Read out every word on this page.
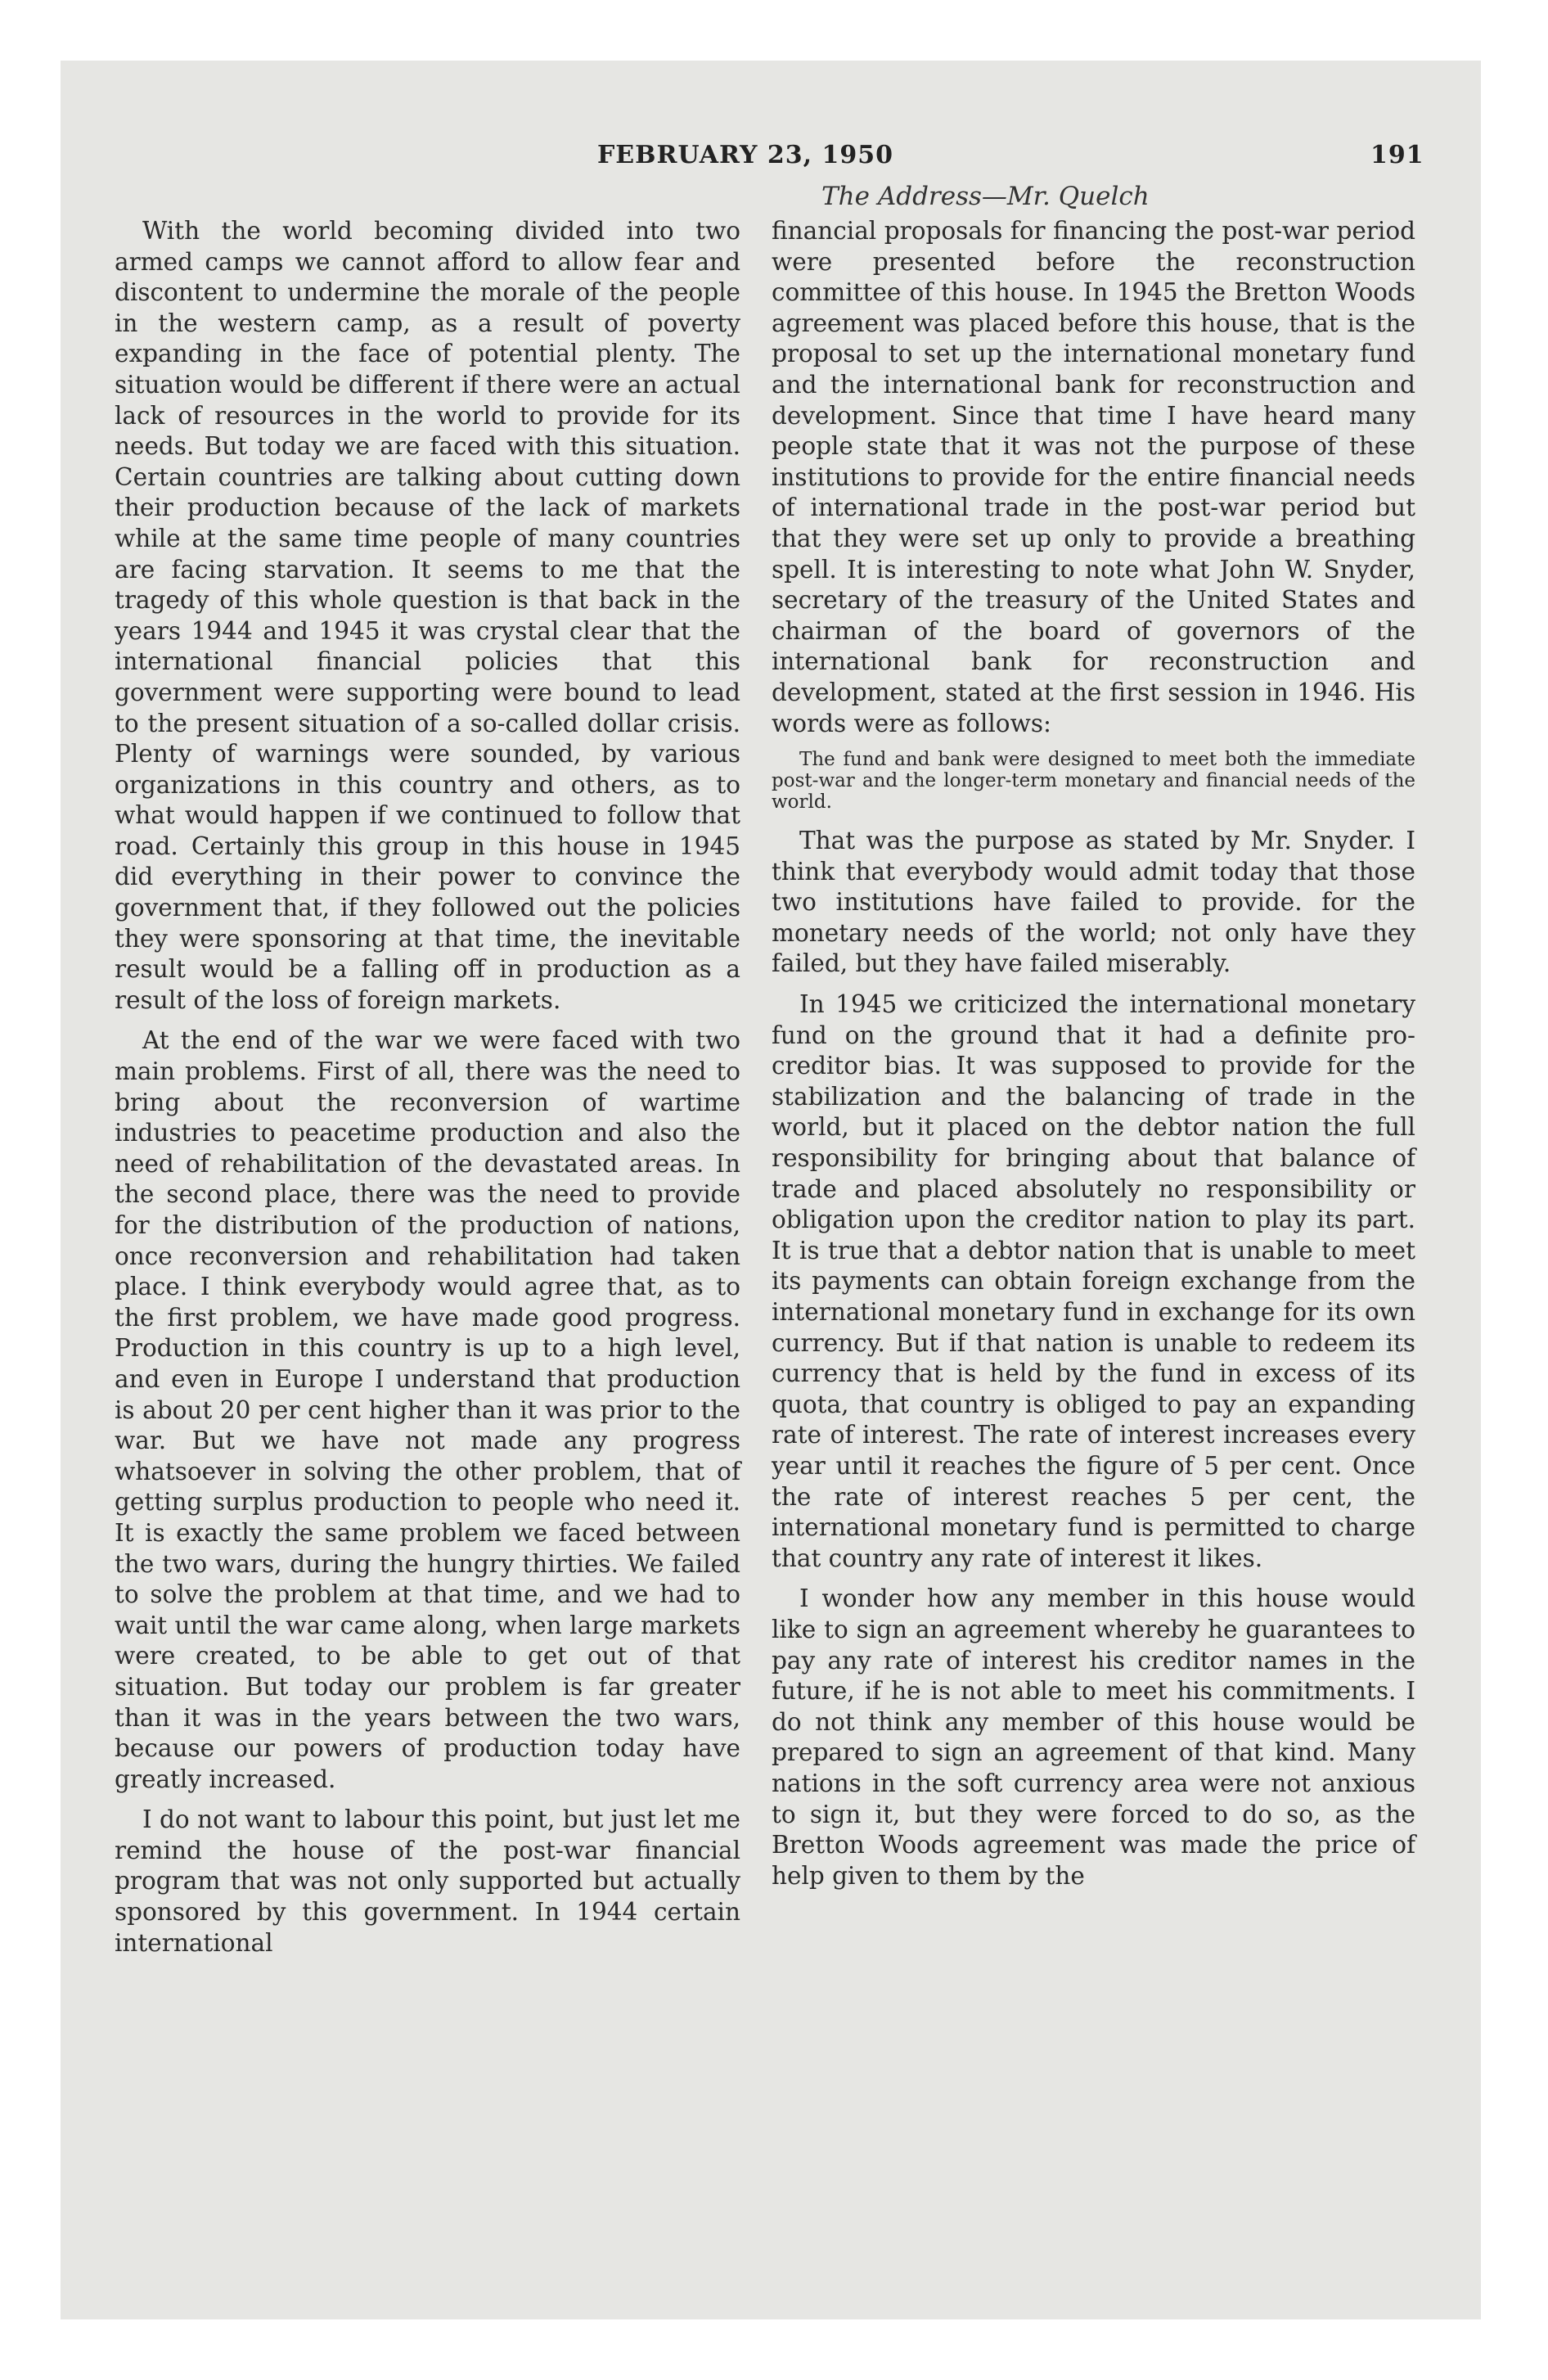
FEBRUARY 23, 1950	191
The Address—Mr. Quelch

With the world becoming divided into two armed camps we cannot afford to allow fear and discontent to undermine the morale of the people in the western camp, as a result of poverty expanding in the face of potential plenty. The situation would be different if there were an actual lack of resources in the world to provide for its needs. But today we are faced with this situation. Certain countries are talking about cutting down their production because of the lack of markets while at the same time people of many countries are facing starvation. It seems to me that the tragedy of this whole question is that back in the years 1944 and 1945 it was crystal clear that the international financial policies that this government were supporting were bound to lead to the present situation of a so-called dollar crisis. Plenty of warnings were sounded, by various organizations in this country and others, as to what would happen if we continued to follow that road. Certainly this group in this house in 1945 did everything in their power to convince the government that, if they followed out the policies they were sponsoring at that time, the inevitable result would be a falling off in production as a result of the loss of foreign markets.

At the end of the war we were faced with two main problems. First of all, there was the need to bring about the reconversion of wartime industries to peacetime production and also the need of rehabilitation of the devastated areas. In the second place, there was the need to provide for the distribution of the production of nations, once reconversion and rehabilitation had taken place. I think everybody would agree that, as to the first problem, we have made good progress. Production in this country is up to a high level, and even in Europe I understand that production is about 20 per cent higher than it was prior to the war. But we have not made any progress whatsoever in solving the other problem, that of getting surplus production to people who need it. It is exactly the same problem we faced between the two wars, during the hungry thirties. We failed to solve the problem at that time, and we had to wait until the war came along, when large markets were created, to be able to get out of that situation. But today our problem is far greater than it was in the years between the two wars, because our powers of production today have greatly increased.

I do not want to labour this point, but just let me remind the house of the post-war financial program that was not only supported but actually sponsored by this government. In 1944 certain international

financial proposals for financing the post-war period were presented before the reconstruction committee of this house. In 1945 the Bretton Woods agreement was placed before this house, that is the proposal to set up the international monetary fund and the international bank for reconstruction and development. Since that time I have heard many people state that it was not the purpose of these institutions to provide for the entire financial needs of international trade in the post-war period but that they were set up only to provide a breathing spell. It is interesting to note what John W. Snyder, secretary of the treasury of the United States and chairman of the board of governors of the international bank for reconstruction and development, stated at the first session in 1946. His words were as follows:

The fund and bank were designed to meet both the immediate post-war and the longer-term monetary and financial needs of the world.

That was the purpose as stated by Mr. Snyder. I think that everybody would admit today that those two institutions have failed to provide. for the monetary needs of the world; not only have they failed, but they have failed miserably.

In 1945 we criticized the international monetary fund on the ground that it had a definite pro-creditor bias. It was supposed to provide for the stabilization and the balancing of trade in the world, but it placed on the debtor nation the full responsibility for bringing about that balance of trade and placed absolutely no responsibility or obligation upon the creditor nation to play its part. It is true that a debtor nation that is unable to meet its payments can obtain foreign exchange from the international monetary fund in exchange for its own currency. But if that nation is unable to redeem its currency that is held by the fund in excess of its quota, that country is obliged to pay an expanding rate of interest. The rate of interest increases every year until it reaches the figure of 5 per cent. Once the rate of interest reaches 5 per cent, the international monetary fund is permitted to charge that country any rate of interest it likes.

I wonder how any member in this house would like to sign an agreement whereby he guarantees to pay any rate of interest his creditor names in the future, if he is not able to meet his commitments. I do not think any member of this house would be prepared to sign an agreement of that kind. Many nations in the soft currency area were not anxious to sign it, but they were forced to do so, as the Bretton Woods agreement was made the price of help given to them by the
